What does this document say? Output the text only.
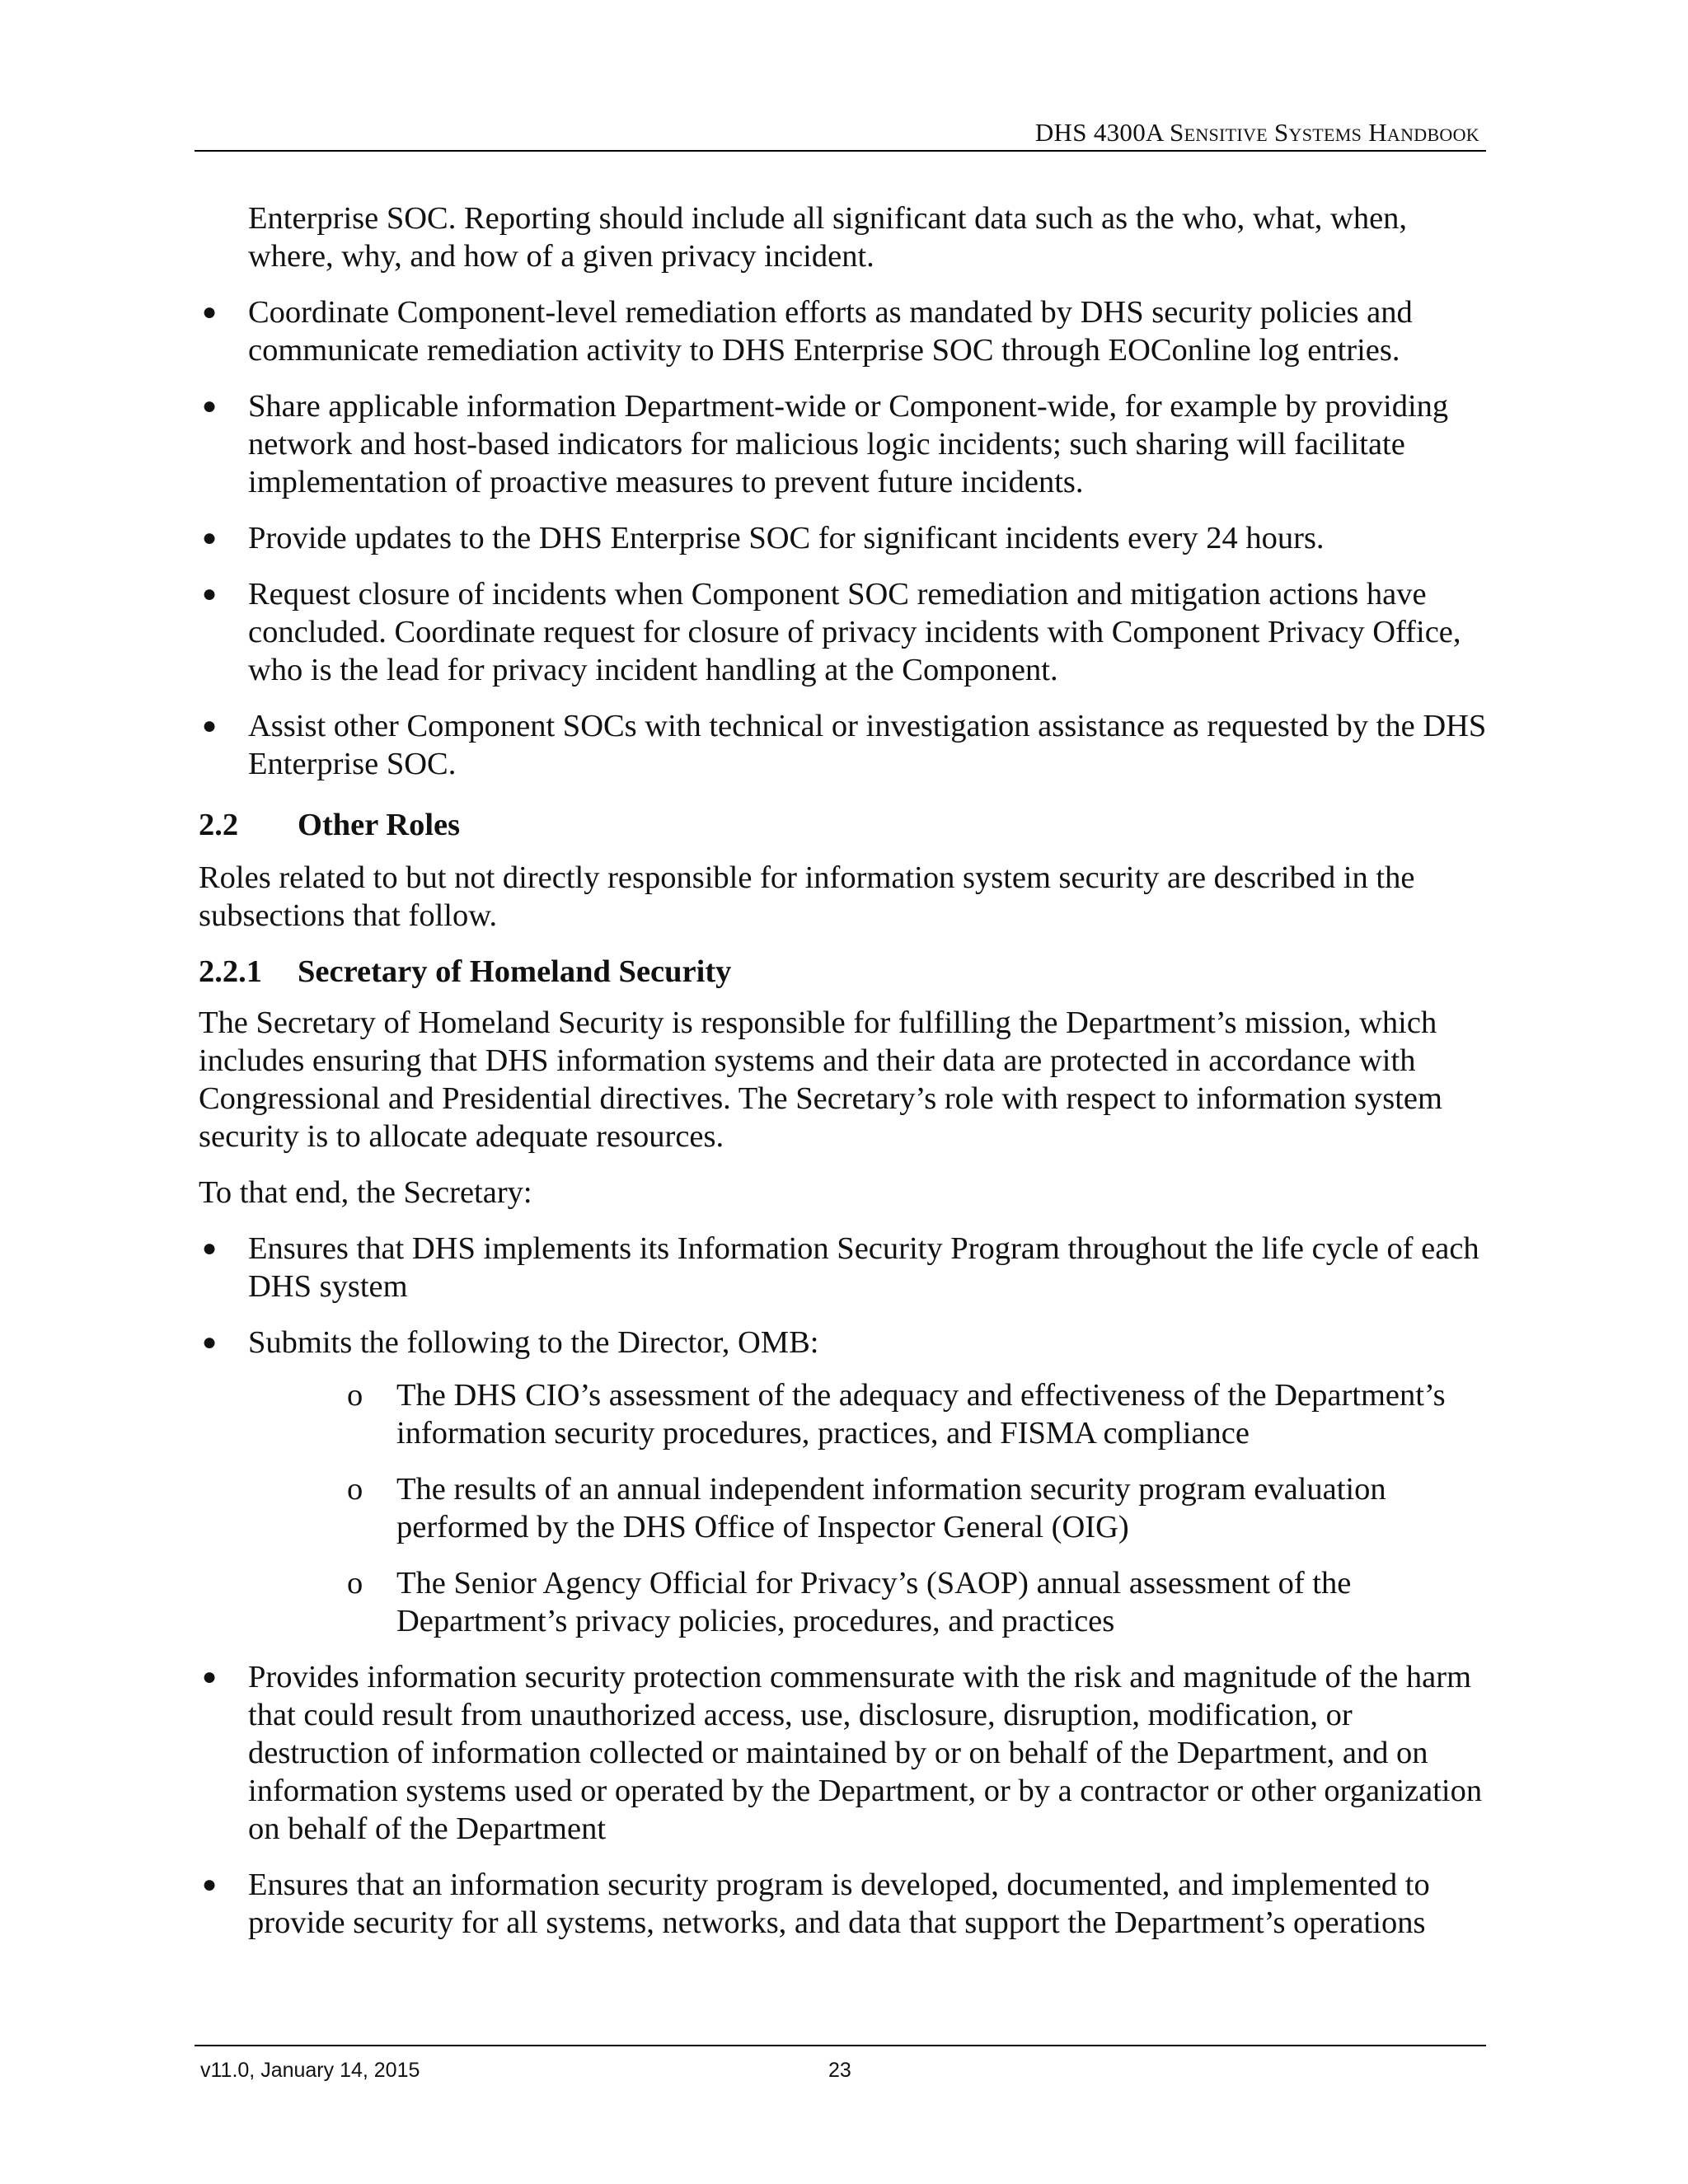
DHS 4300A Sensitive Systems Handbook

Enterprise SOC. Reporting should include all significant data such as the who, what, when, where, why, and how of a given privacy incident.

● Coordinate Component-level remediation efforts as mandated by DHS security policies and communicate remediation activity to DHS Enterprise SOC through EOConline log entries.
● Share applicable information Department-wide or Component-wide, for example by providing network and host-based indicators for malicious logic incidents; such sharing will facilitate implementation of proactive measures to prevent future incidents.
● Provide updates to the DHS Enterprise SOC for significant incidents every 24 hours.
● Request closure of incidents when Component SOC remediation and mitigation actions have concluded. Coordinate request for closure of privacy incidents with Component Privacy Office, who is the lead for privacy incident handling at the Component.
● Assist other Component SOCs with technical or investigation assistance as requested by the DHS Enterprise SOC.
2.2 Other Roles

Roles related to but not directly responsible for information system security are described in the subsections that follow.

2.2.1 Secretary of Homeland Security

The Secretary of Homeland Security is responsible for fulfilling the Department’s mission, which includes ensuring that DHS information systems and their data are protected in accordance with Congressional and Presidential directives. The Secretary’s role with respect to information system security is to allocate adequate resources.

To that end, the Secretary:

● Ensures that DHS implements its Information Security Program throughout the life cycle of each DHS system
● Submits the following to the Director, OMB:
o The DHS CIO’s assessment of the adequacy and effectiveness of the Department’s information security procedures, practices, and FISMA compliance
o The results of an annual independent information security program evaluation performed by the DHS Office of Inspector General (OIG)
o The Senior Agency Official for Privacy’s (SAOP) annual assessment of the Department’s privacy policies, procedures, and practices
● Provides information security protection commensurate with the risk and magnitude of the harm that could result from unauthorized access, use, disclosure, disruption, modification, or destruction of information collected or maintained by or on behalf of the Department, and on information systems used or operated by the Department, or by a contractor or other organization on behalf of the Department
● Ensures that an information security program is developed, documented, and implemented to provide security for all systems, networks, and data that support the Department’s operations
v11.0, January 14, 2015	23
